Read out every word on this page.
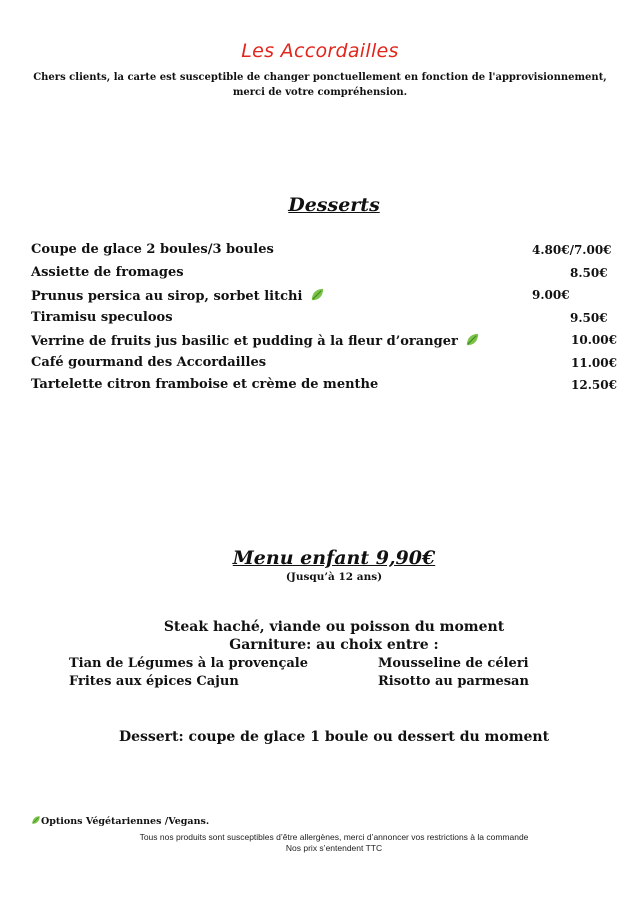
Les Accordailles
Chers clients, la carte est susceptible de changer ponctuellement en fonction de l'approvisionnement,
merci de votre compréhension.
Desserts
Coupe de glace 2 boules/3 boules	4.80€/7.00€
Assiette de fromages	8.50€
Prunus persica au sirop, sorbet litchi	9.00€
Tiramisu speculoos	9.50€
Verrine de fruits jus basilic et pudding à la fleur d’oranger	10.00€
Café gourmand des Accordailles	11.00€
Tartelette citron framboise et crème de menthe	12.50€
Menu enfant 9,90€
(Jusqu’à 12 ans)
Steak haché, viande ou poisson du moment
Garniture: au choix entre :
Tian de Légumes à la provençale	Mousseline de céleri
Frites aux épices Cajun	Risotto au parmesan
Dessert: coupe de glace 1 boule ou dessert du moment
Options Végétariennes /Vegans.
Tous nos produits sont susceptibles d’être allergènes, merci d’annoncer vos restrictions à la commande
Nos prix s’entendent TTC
